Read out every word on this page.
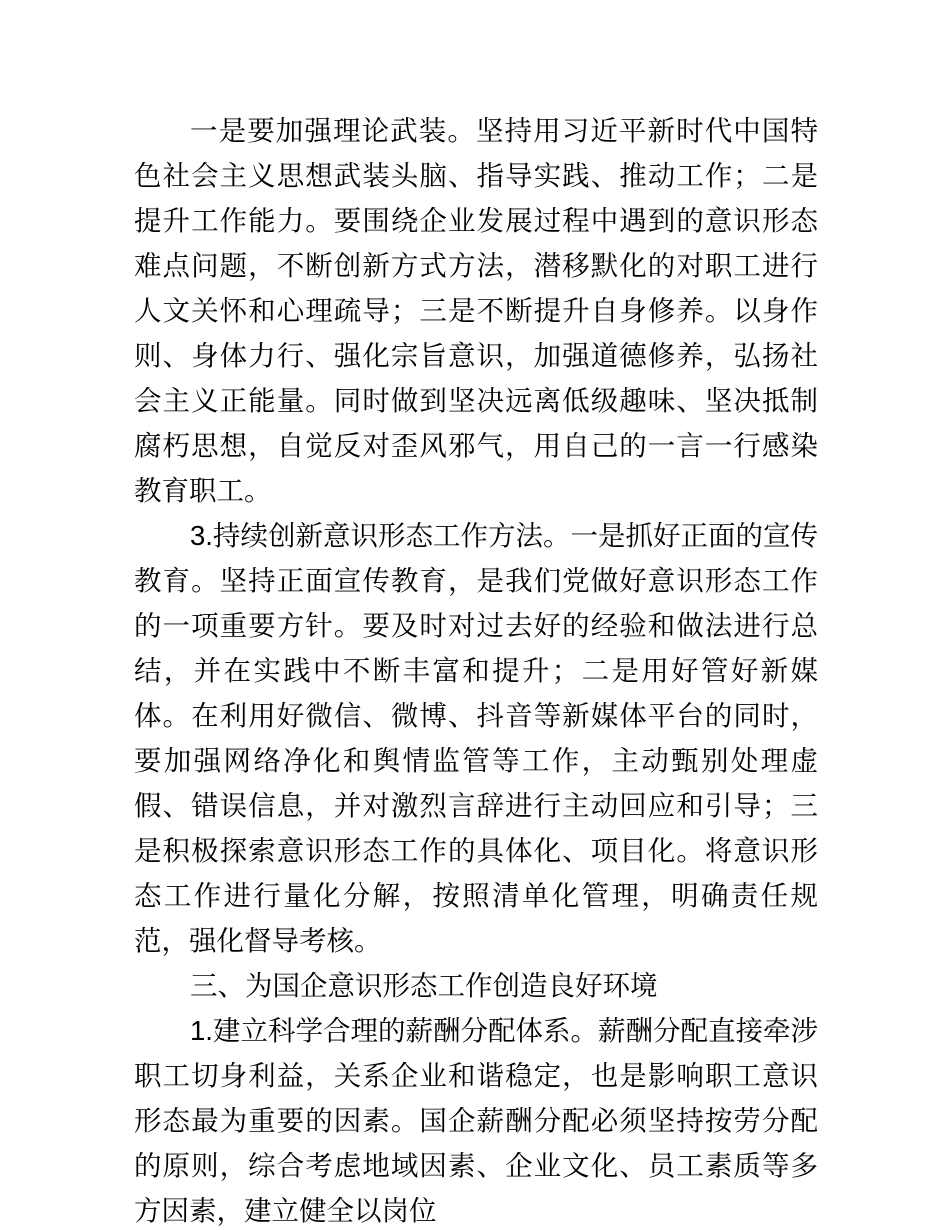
一是要加强理论武装。坚持用习近平新时代中国特色社会主义思想武装头脑、指导实践、推动工作；二是提升工作能力。要围绕企业发展过程中遇到的意识形态难点问题，不断创新方式方法，潜移默化的对职工进行人文关怀和心理疏导；三是不断提升自身修养。以身作则、身体力行、强化宗旨意识，加强道德修养，弘扬社会主义正能量。同时做到坚决远离低级趣味、坚决抵制腐朽思想，自觉反对歪风邪气，用自己的一言一行感染教育职工。

3.持续创新意识形态工作方法。一是抓好正面的宣传教育。坚持正面宣传教育，是我们党做好意识形态工作的一项重要方针。要及时对过去好的经验和做法进行总结，并在实践中不断丰富和提升；二是用好管好新媒体。在利用好微信、微博、抖音等新媒体平台的同时，要加强网络净化和舆情监管等工作，主动甄别处理虚假、错误信息，并对激烈言辞进行主动回应和引导；三是积极探索意识形态工作的具体化、项目化。将意识形态工作进行量化分解，按照清单化管理，明确责任规范，强化督导考核。

三、为国企意识形态工作创造良好环境

1.建立科学合理的薪酬分配体系。薪酬分配直接牵涉职工切身利益，关系企业和谐稳定，也是影响职工意识形态最为重要的因素。国企薪酬分配必须坚持按劳分配的原则，综合考虑地域因素、企业文化、员工素质等多方因素，建立健全以岗位
